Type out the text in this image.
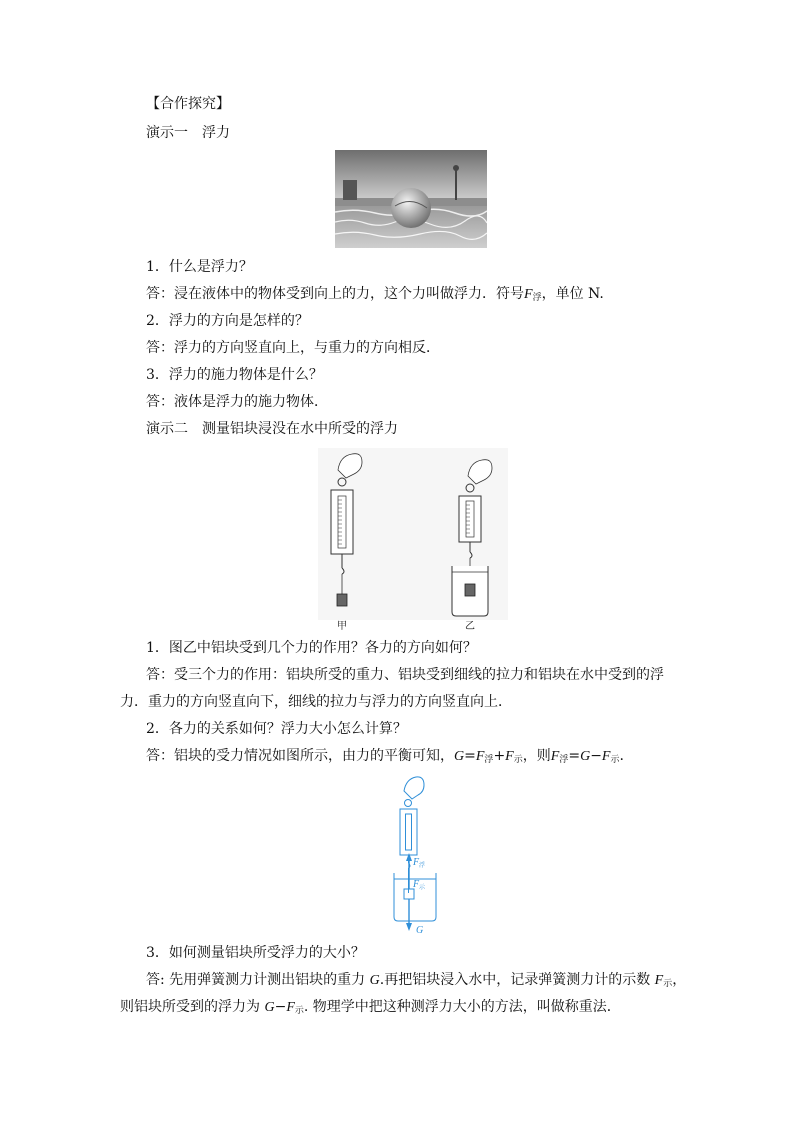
【合作探究】
演示一　浮力
1．什么是浮力？
答：浸在液体中的物体受到向上的力，这个力叫做浮力．符号$F_浮$，单位 N.
2．浮力的方向是怎样的？
答：浮力的方向竖直向上，与重力的方向相反．
3．浮力的施力物体是什么？
答：液体是浮力的施力物体．
演示二　测量铝块浸没在水中所受的浮力
甲	乙
1．图乙中铝块受到几个力的作用？各力的方向如何？
答：受三个力的作用：铝块所受的重力、铝块受到细线的拉力和铝块在水中受到的浮
力．重力的方向竖直向下，细线的拉力与浮力的方向竖直向上．
2．各力的关系如何？浮力大小怎么计算？
答：铝块的受力情况如图所示，由力的平衡可知，$G=F_浮+F_示$，则$F_浮=G-F_示$.
F 浮
F 示
G
3．如何测量铝块所受浮力的大小？
答: 先用弹簧测力计测出铝块的重力 G.再把铝块浸入水中，记录弹簧测力计的示数 $F_示$，
则铝块所受到的浮力为 $G-F_示$. 物理学中把这种测浮力大小的方法，叫做称重法．
